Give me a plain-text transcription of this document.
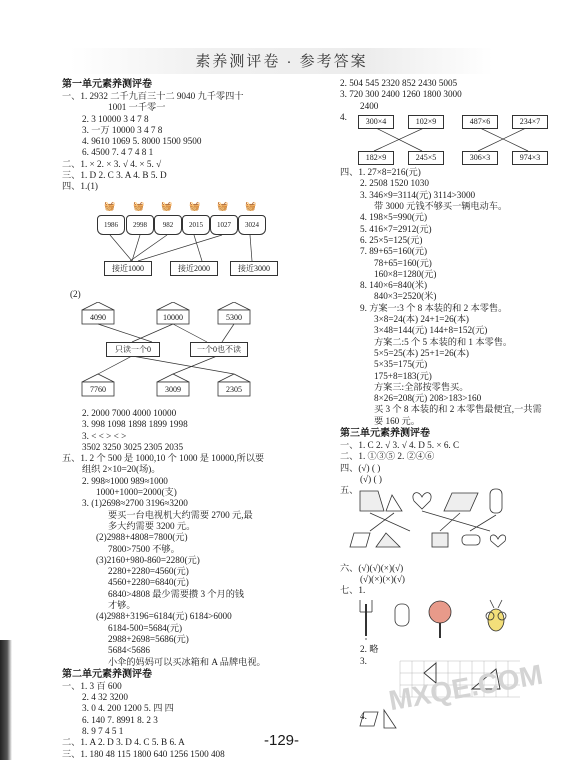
素养测评卷 · 参考答案
第一单元素养测评卷
一、1. 2932 二千九百三十二 9040 九千零四十
1001 一千零一
2. 3 10000 3 4 7 8
3. 一万 10000 3 4 7 8
4. 9610 1069 5. 8000 1500 9500
6. 4500 7. 4 7 4 8 1
二、1. × 2. × 3. √ 4. × 5. √
三、1. D 2. C 3. A 4. B 5. D
四、1.(1)
🧺	🧺	🧺	🧺	🧺	🧺
1986	2998	982	2015	1027	3024
接近1000	接近2000	接近3000
(2)
4090	10000	5300
只读一个0	一个0也不读
7760	3009	2305
2. 2000 7000 4000 10000
3. 998 1098 1898 1899 1998
3. < < > < >
3502 3250 3025 2305 2035
五、1. 2 个 500 是 1000,10 个 1000 是 10000,所以要
组织 2×10=20(场)。
2. 998≈1000 989≈1000
1000+1000=2000(支)
3. (1)2698≈2700 3196≈3200
要买一台电视机大约需要 2700 元,最
多大约需要 3200 元。
(2)2988+4808=7800(元)
7800>7500 不够。
(3)2160+980-860=2280(元)
2280+2280=4560(元)
4560+2280=6840(元)
6840>4808 最少需要攒 3 个月的钱
才够。
(4)2988+3196=6184(元) 6184>6000
6184-500=5684(元)
2988+2698=5686(元)
5684<5686
小伞的妈妈可以买冰箱和 A 品牌电视。
第二单元素养测评卷
一、1. 3 百 600
2. 4 32 3200
3. 0 4. 200 1200 5. 四 四
6. 140 7. 8991 8. 2 3
8. 9 7 4 5 1
二、1. A 2. D 3. D 4. C 5. B 6. A
三、1. 180 48 115 1800 640 1256 1500 408
2. 504 545 2320 852 2430 5005
3. 720 300 2400 1260 1800 3000
2400
4.	300×4	102×9	487×6	234×7
182×9	245×5	306×3	974×3
四、1. 27×8=216(元)
2. 2508 1520 1030
3. 346×9=3114(元) 3114>3000
带 3000 元钱不够买一辆电动车。
4. 198×5=990(元)
5. 416×7=2912(元)
6. 25×5=125(元)
7. 89+65=160(元)
78+65=160(元)
160×8=1280(元)
8. 140×6=840(米)
840×3=2520(米)
9. 方案一:3 个 8 本装的和 2 本零售。
3×8=24(本) 24+1=26(本)
3×48=144(元) 144+8=152(元)
方案二:5 个 5 本装的和 1 本零售。
5×5=25(本) 25+1=26(本)
5×35=175(元)
175+8=183(元)
方案三:全部按零售买。
8×26=208(元) 208>183>160
买 3 个 8 本装的和 2 本零售最便宜,一共需
要 160 元。
第三单元素养测评卷
一、1. C 2. √ 3. √ 4. D 5. × 6. C
二、1. ①③⑤ 2. ②④⑥
四、(√) ( )
(√) ( )
五、
六、(√)(√)(×)(√)
(√)(×)(×)(√)
七、1.
2. 略
3.
4. MXQE.COM
-129-
